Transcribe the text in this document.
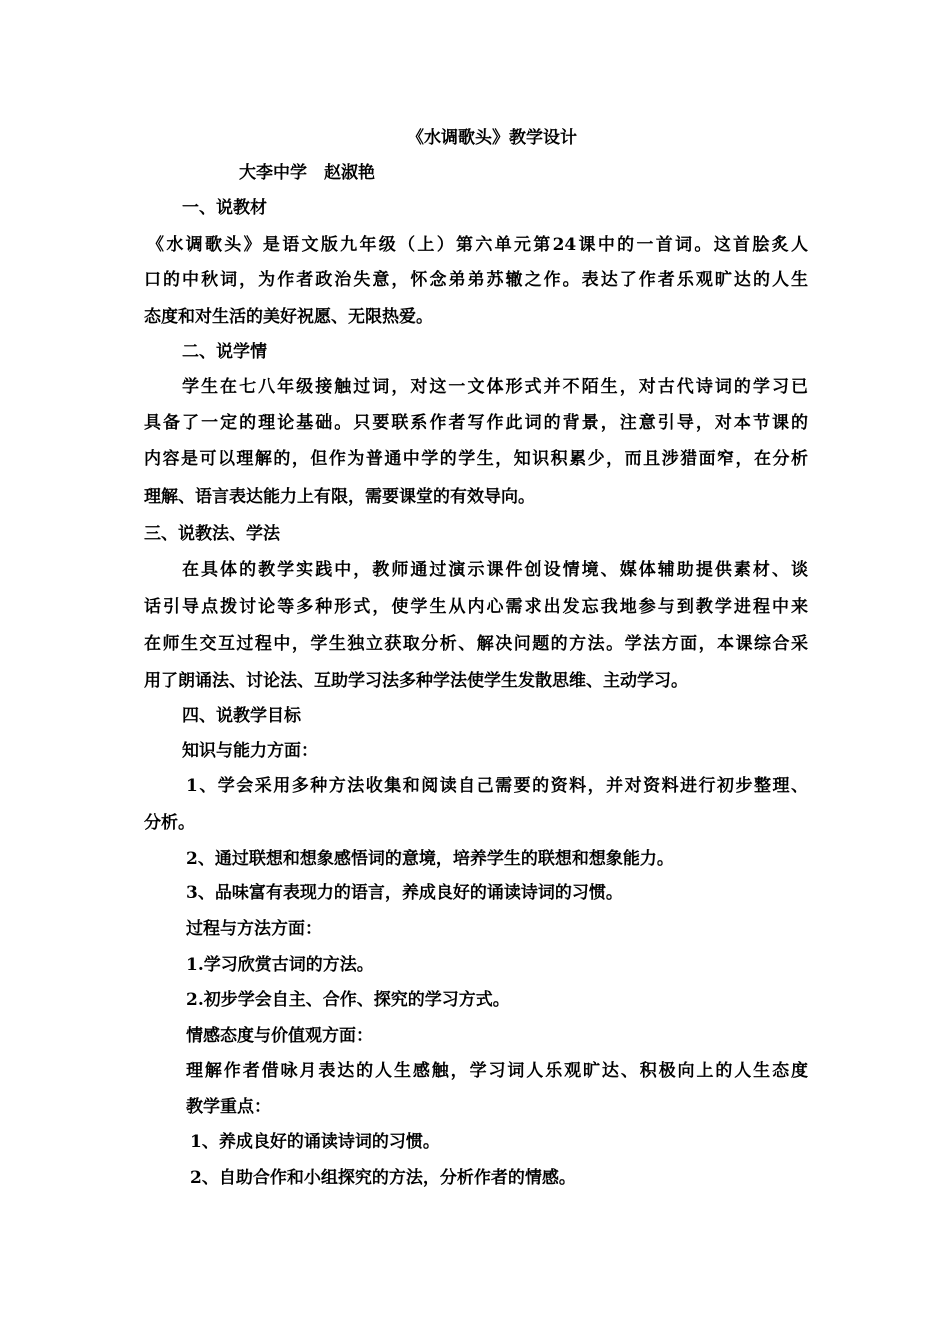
《水调歌头》教学设计
大李中学　赵淑艳
一、说教材
《水调歌头》是语文版九年级（上）第六单元第24课中的一首词。这首脍炙人
口的中秋词，为作者政治失意，怀念弟弟苏辙之作。表达了作者乐观旷达的人生
态度和对生活的美好祝愿、无限热爱。
二、说学情
学生在七八年级接触过词，对这一文体形式并不陌生，对古代诗词的学习已
具备了一定的理论基础。只要联系作者写作此词的背景，注意引导，对本节课的
内容是可以理解的，但作为普通中学的学生，知识积累少，而且涉猎面窄，在分析
理解、语言表达能力上有限，需要课堂的有效导向。
三、说教法、学法
在具体的教学实践中，教师通过演示课件创设情境、媒体辅助提供素材、谈
话引导点拨讨论等多种形式，使学生从内心需求出发忘我地参与到教学进程中来
在师生交互过程中，学生独立获取分析、解决问题的方法。学法方面，本课综合采
用了朗诵法、讨论法、互助学习法多种学法使学生发散思维、主动学习。
四、说教学目标
知识与能力方面：
1、学会采用多种方法收集和阅读自己需要的资料，并对资料进行初步整理、
分析。
2、通过联想和想象感悟词的意境，培养学生的联想和想象能力。
3、品味富有表现力的语言，养成良好的诵读诗词的习惯。
过程与方法方面：
1.学习欣赏古词的方法。
2.初步学会自主、合作、探究的学习方式。
情感态度与价值观方面：
理解作者借咏月表达的人生感触，学习词人乐观旷达、积极向上的人生态度
教学重点：
1、养成良好的诵读诗词的习惯。
2、自助合作和小组探究的方法，分析作者的情感。
